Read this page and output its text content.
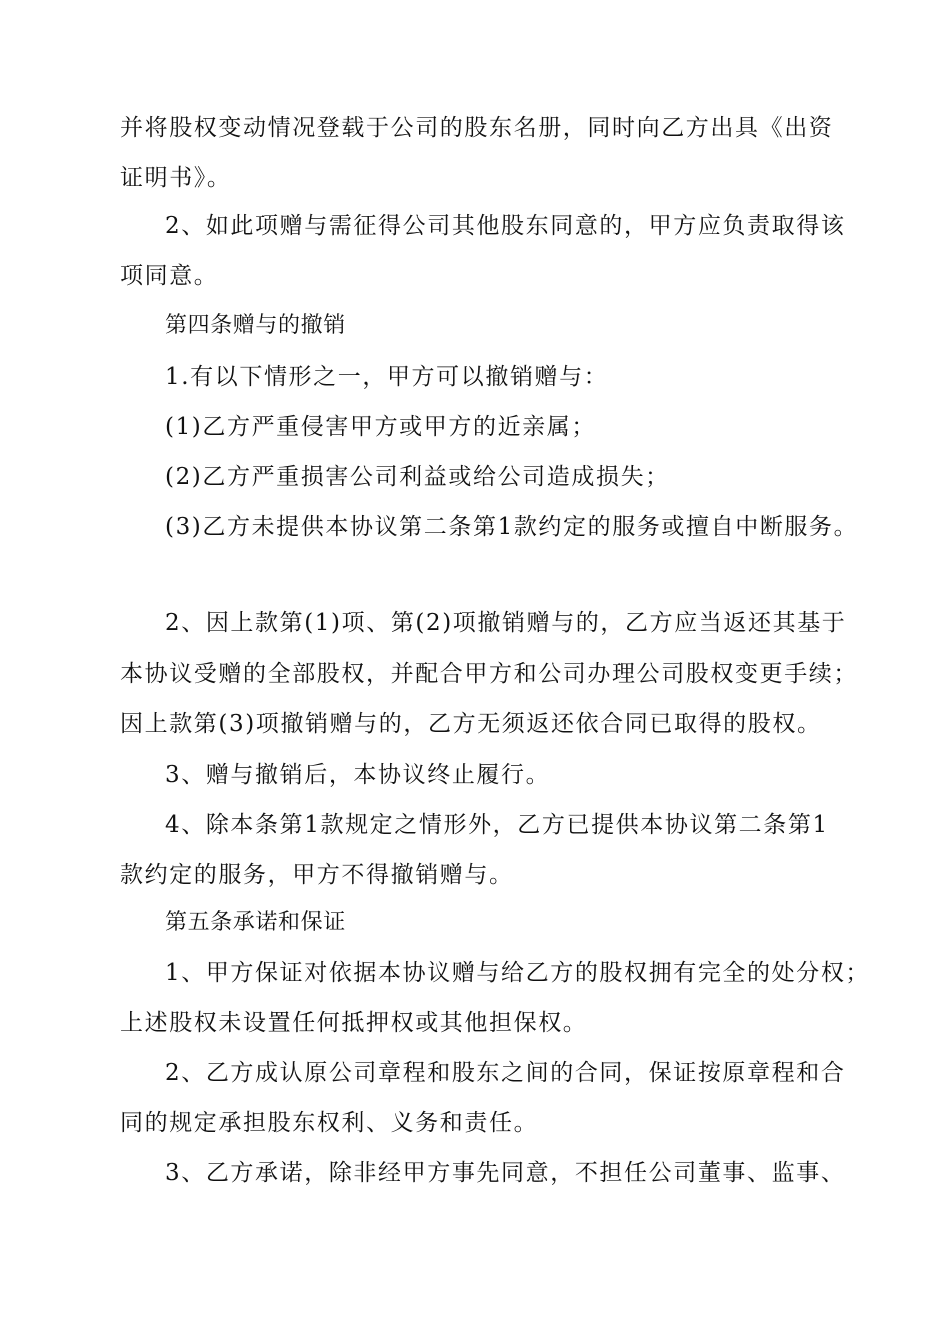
并将股权变动情况登载于公司的股东名册，同时向乙方出具《出资
证明书》。
2、如此项赠与需征得公司其他股东同意的，甲方应负责取得该
项同意。
第四条赠与的撤销
1.有以下情形之一，甲方可以撤销赠与：
(1)乙方严重侵害甲方或甲方的近亲属；
(2)乙方严重损害公司利益或给公司造成损失；
(3)乙方未提供本协议第二条第1款约定的服务或擅自中断服务。
2、因上款第(1)项、第(2)项撤销赠与的，乙方应当返还其基于
本协议受赠的全部股权，并配合甲方和公司办理公司股权变更手续；
因上款第(3)项撤销赠与的，乙方无须返还依合同已取得的股权。
3、赠与撤销后，本协议终止履行。
4、除本条第1款规定之情形外，乙方已提供本协议第二条第1
款约定的服务，甲方不得撤销赠与。
第五条承诺和保证
1、甲方保证对依据本协议赠与给乙方的股权拥有完全的处分权；
上述股权未设置任何抵押权或其他担保权。
2、乙方成认原公司章程和股东之间的合同，保证按原章程和合
同的规定承担股东权利、义务和责任。
3、乙方承诺，除非经甲方事先同意，不担任公司董事、监事、
